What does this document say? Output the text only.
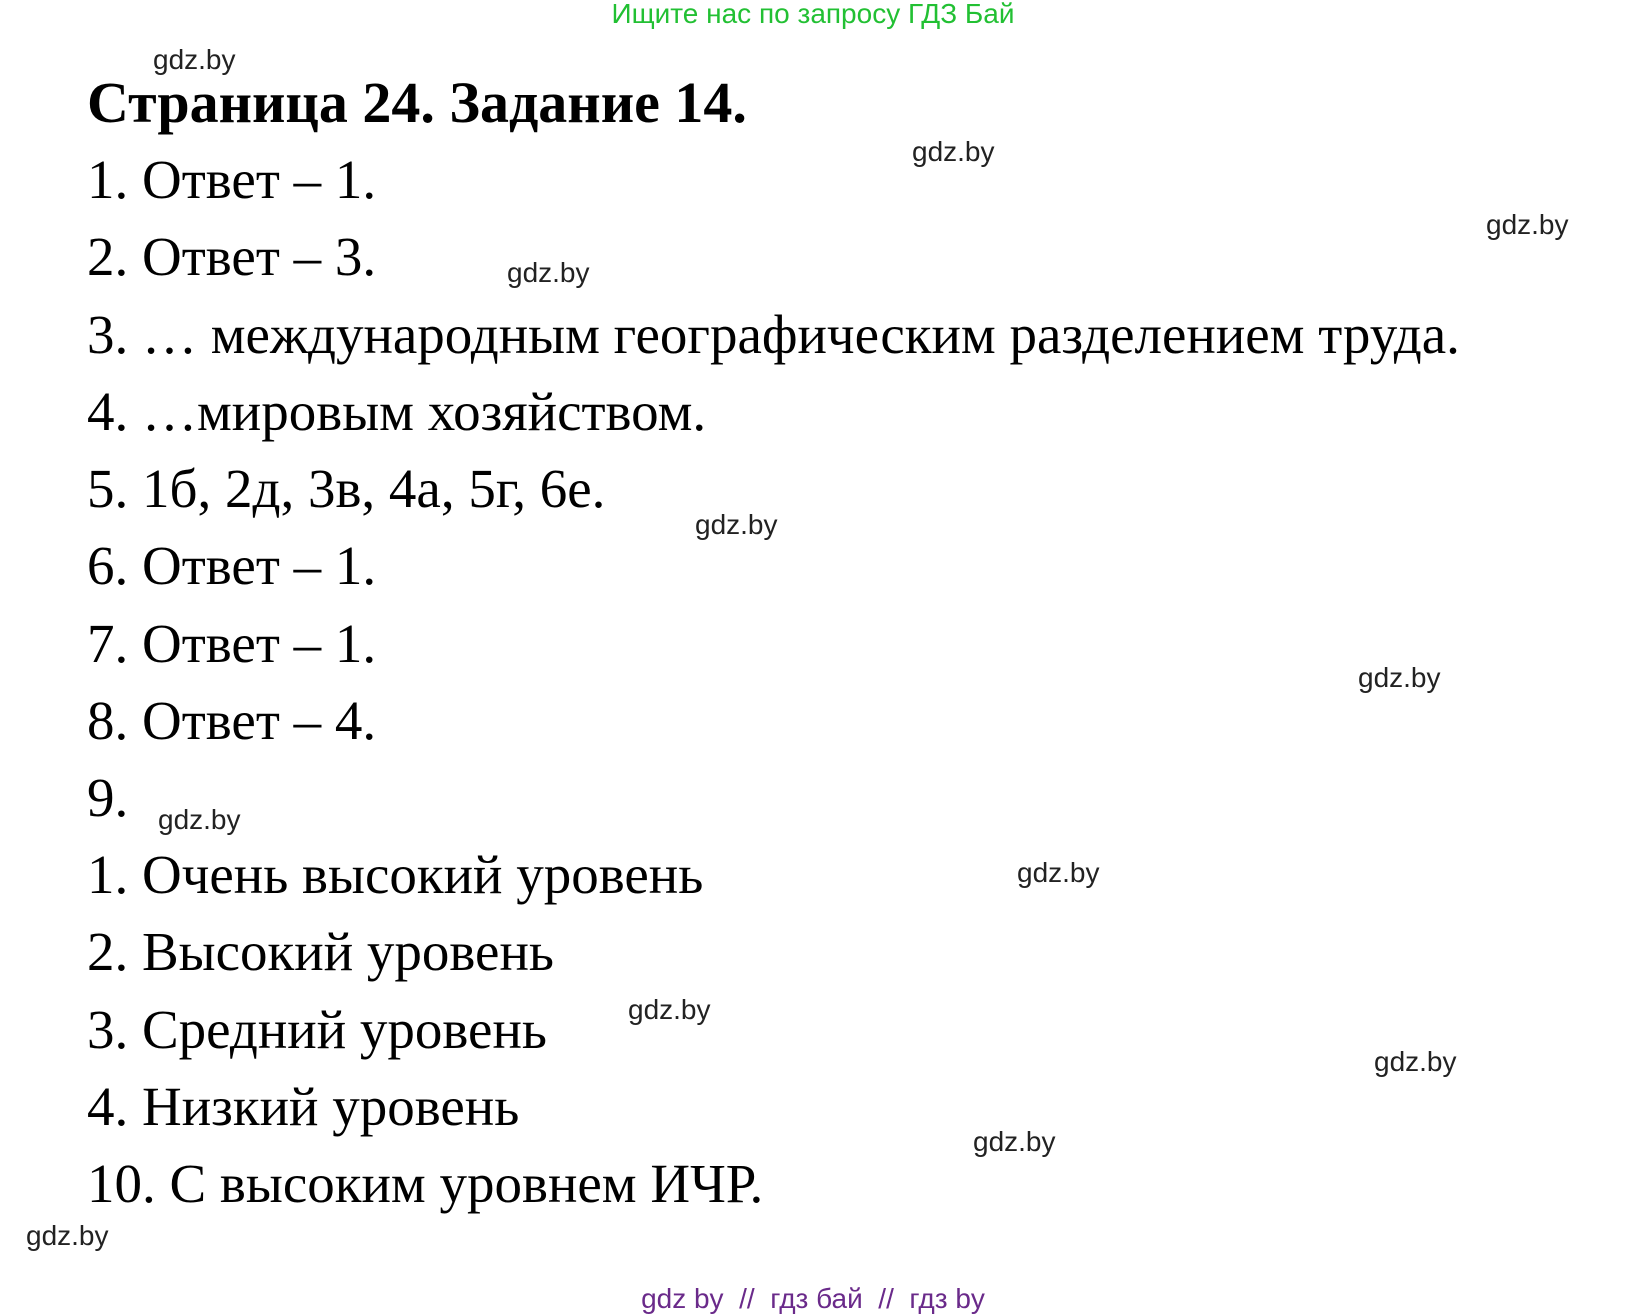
Ищите нас по запросу ГДЗ Бай
Страница 24. Задание 14.
1. Ответ – 1.
2. Ответ – 3.
3. … международным географическим разделением труда.
4. …мировым хозяйством.
5. 1б, 2д, 3в, 4а, 5г, 6е.
6. Ответ – 1.
7. Ответ – 1.
8. Ответ – 4.
9.
1. Очень высокий уровень
2. Высокий уровень
3. Средний уровень
4. Низкий уровень
10. С высоким уровнем ИЧР.
gdz.by
gdz.by
gdz.by
gdz.by
gdz.by
gdz.by
gdz.by
gdz.by
gdz.by
gdz.by
gdz.by
gdz.by
gdz by  //  гдз бай  //  гдз by
